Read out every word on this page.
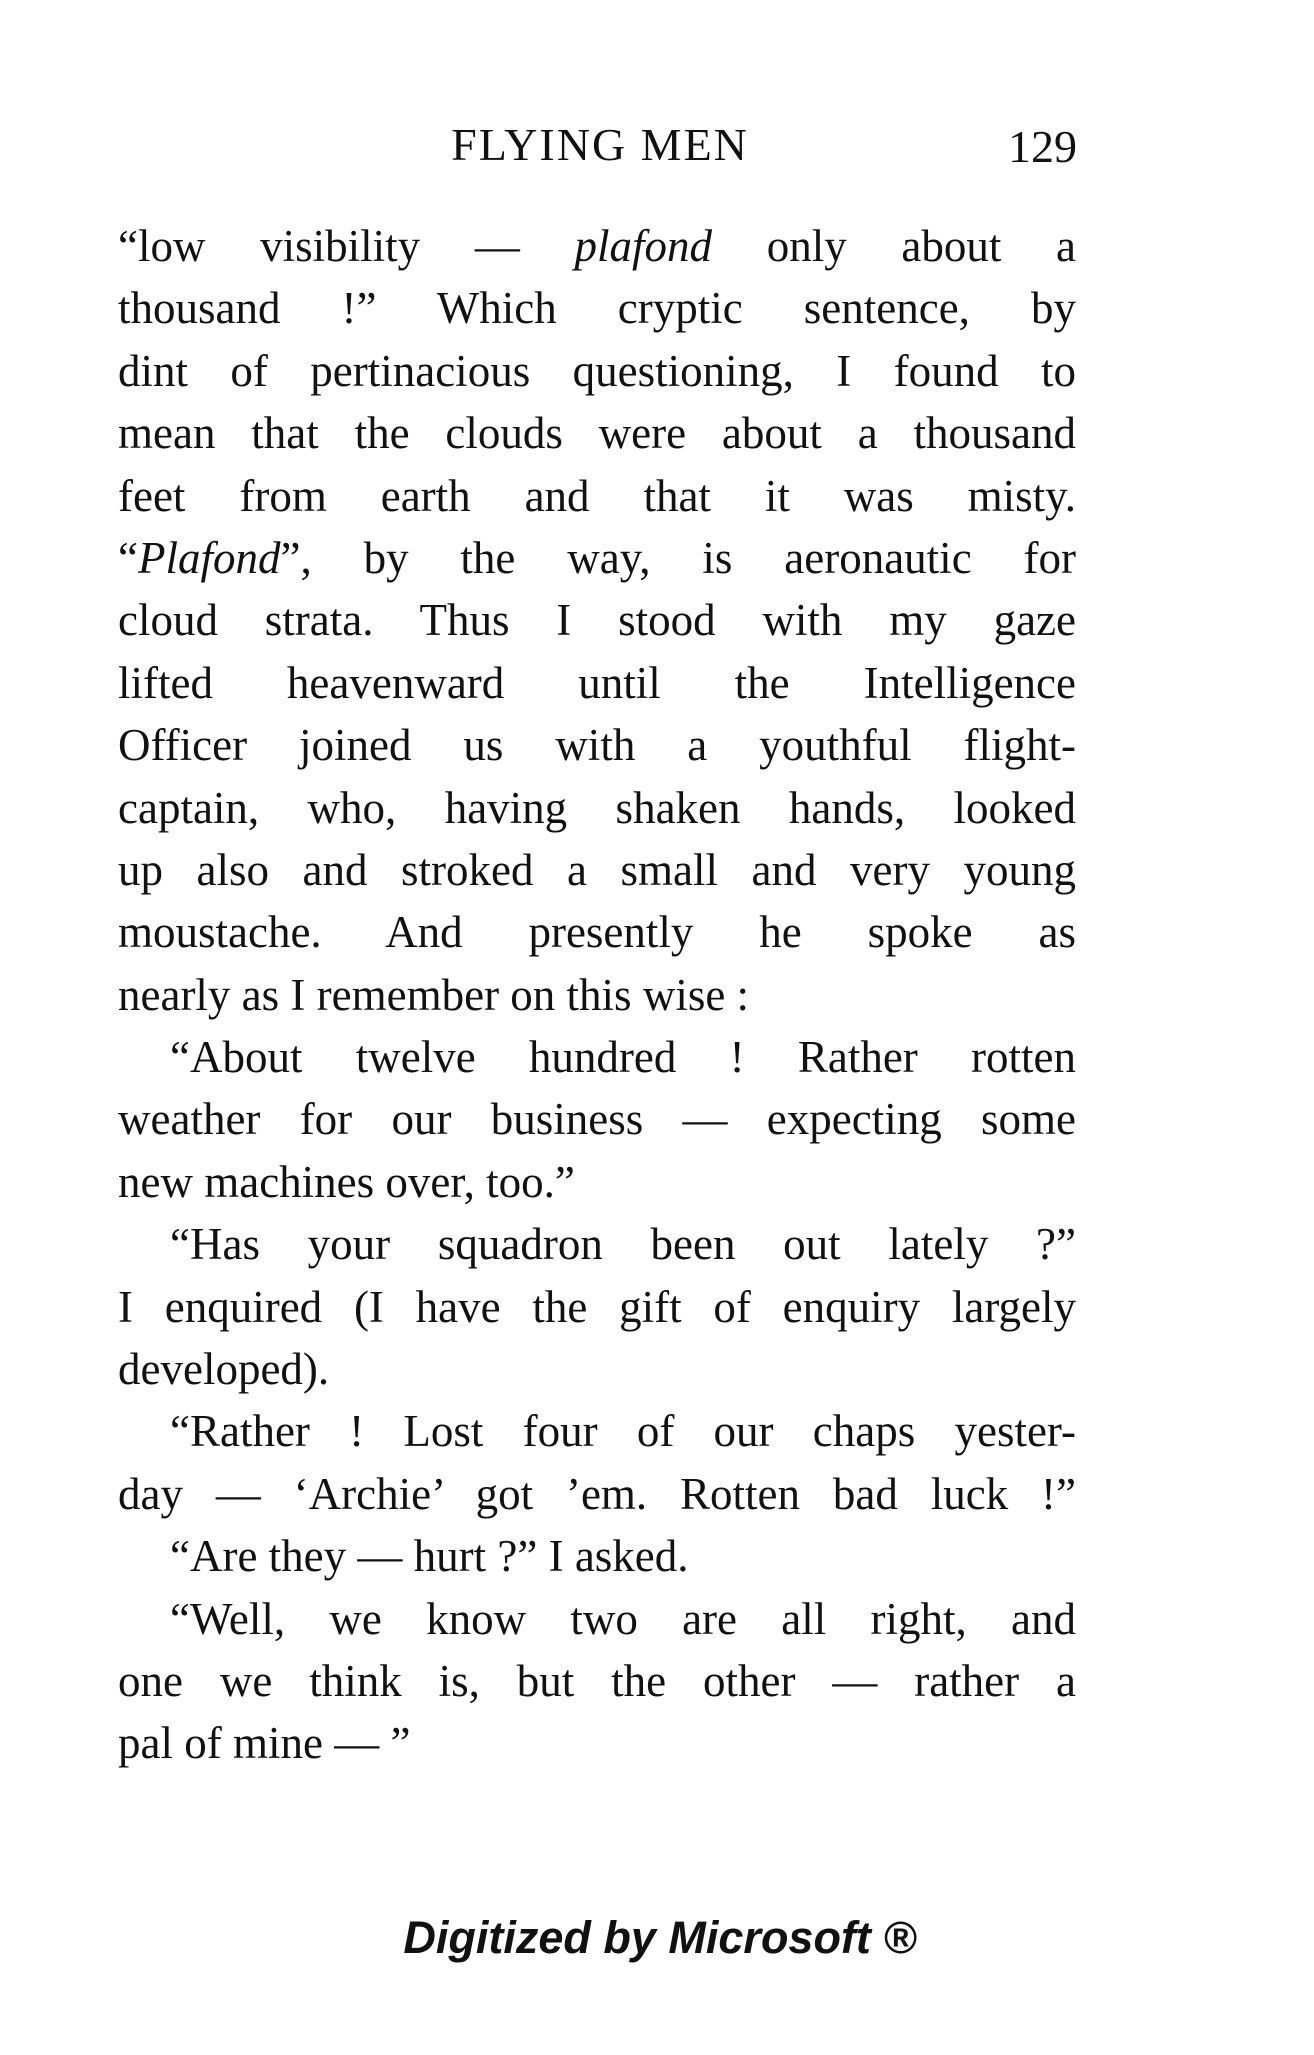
FLYING MEN	129
“low visibility — plafond only about a
thousand !” Which cryptic sentence, by
dint of pertinacious questioning, I found to
mean that the clouds were about a thousand
feet from earth and that it was misty.
“Plafond”, by the way, is aeronautic for
cloud strata. Thus I stood with my gaze
lifted heavenward until the Intelligence
Officer joined us with a youthful flight-
captain, who, having shaken hands, looked
up also and stroked a small and very young
moustache. And presently he spoke as
nearly as I remember on this wise :
“About twelve hundred ! Rather rotten
weather for our business — expecting some
new machines over, too.”
“Has your squadron been out lately ?”
I enquired (I have the gift of enquiry largely
developed).
“Rather ! Lost four of our chaps yester-
day — ‘Archie’ got ’em. Rotten bad luck !”
“Are they — hurt ?” I asked.
“Well, we know two are all right, and
one we think is, but the other — rather a
pal of mine — ”
Digitized by Microsoft ®
